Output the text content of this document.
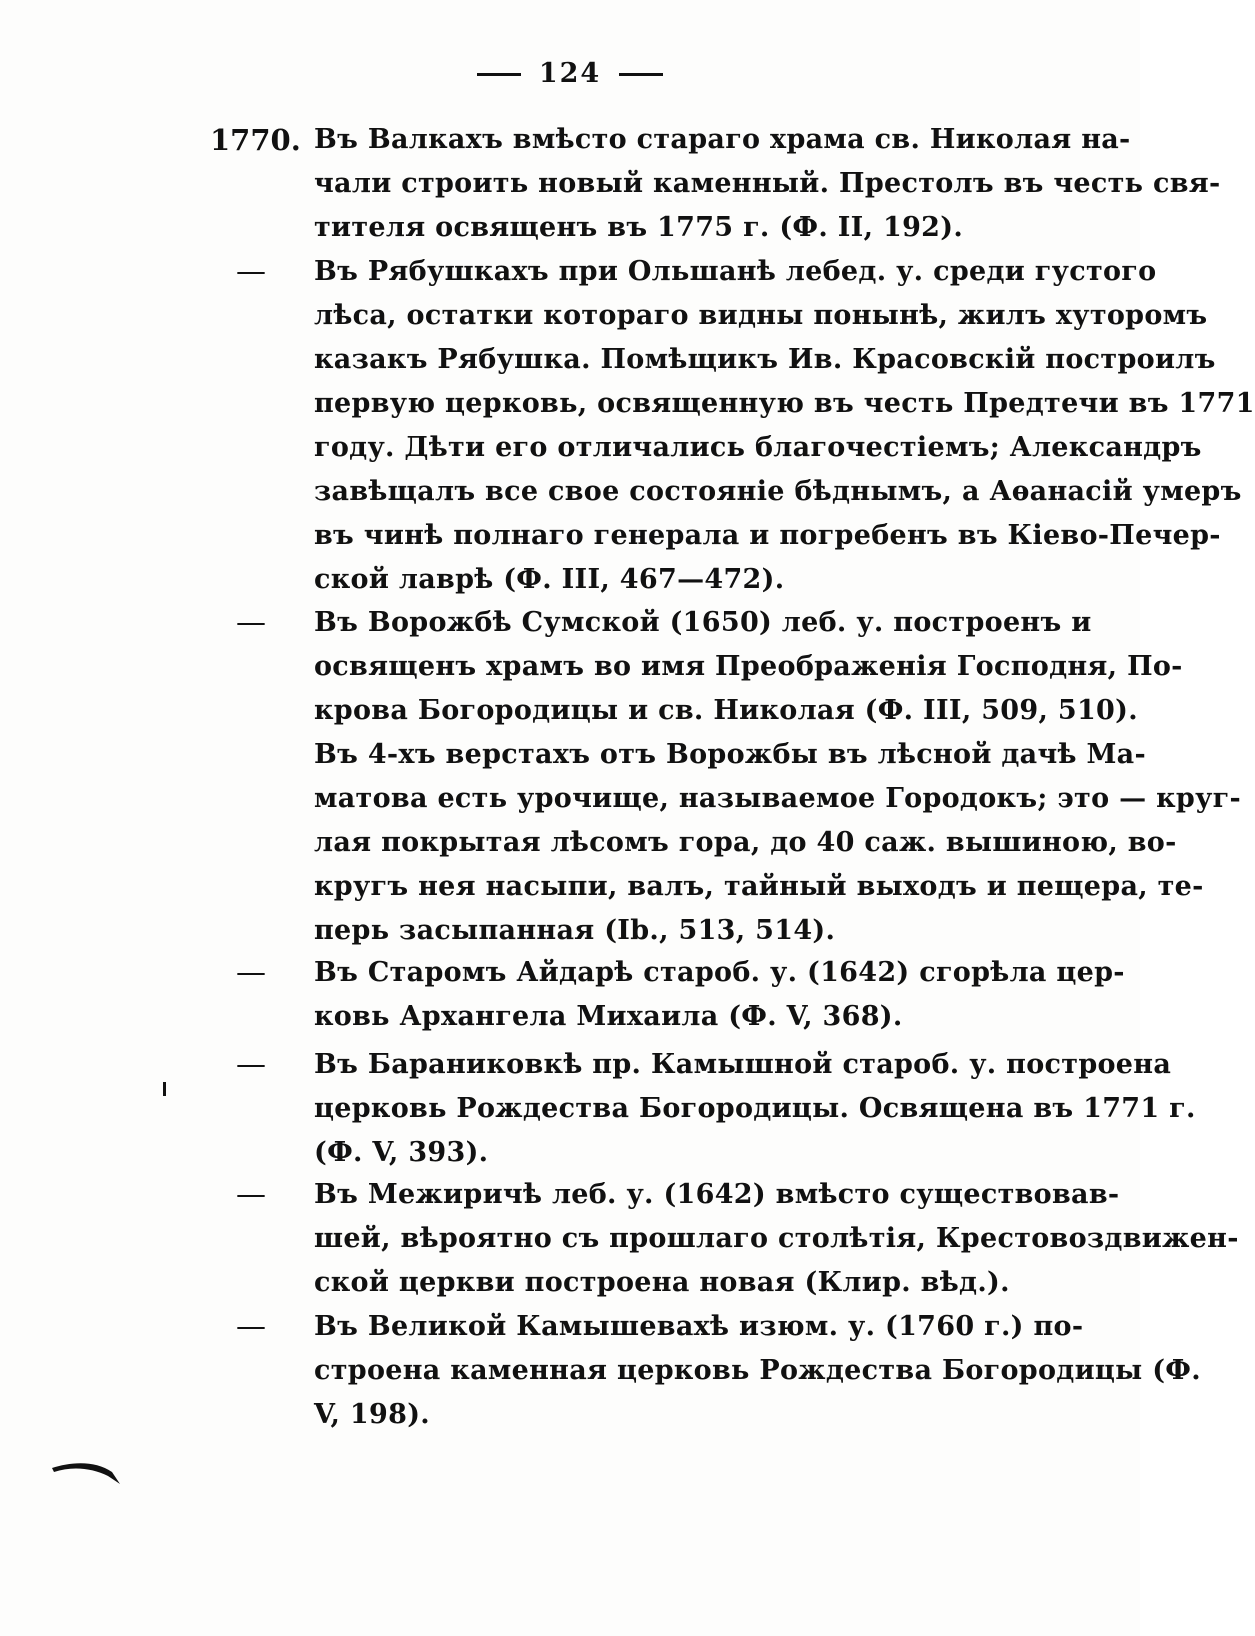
124
1770. Въ Валкахъ вмѣсто стараго храма св. Николая на-
чали строить новый каменный. Престолъ въ честь свя-
тителя освященъ въ 1775 г. (Ф. II, 192).
—	Въ Рябушкахъ при Ольшанѣ лебед. у. среди густого
лѣса, остатки котораго видны понынѣ, жилъ хуторомъ
казакъ Рябушка. Помѣщикъ Ив. Красовскій построилъ
первую церковь, освященную въ честь Предтечи въ 1771
году. Дѣти его отличались благочестіемъ; Александръ
завѣщалъ все свое состояніе бѣднымъ, а Аѳанасій умеръ
въ чинѣ полнаго генерала и погребенъ въ Кіево-Печер-
ской лаврѣ (Ф. III, 467—472).
—	Въ Ворожбѣ Сумской (1650) леб. у. построенъ и
освященъ храмъ во имя Преображенія Господня, По-
крова Богородицы и св. Николая (Ф. III, 509, 510).
Въ 4-хъ верстахъ отъ Ворожбы въ лѣсной дачѣ Ма-
матова есть урочище, называемое Городокъ; это — круг-
лая покрытая лѣсомъ гора, до 40 саж. вышиною, во-
кругъ нея насыпи, валъ, тайный выходъ и пещера, те-
перь засыпанная (Ib., 513, 514).
—	Въ Старомъ Айдарѣ староб. у. (1642) сгорѣла цер-
ковь Архангела Михаила (Ф. V, 368).
—	Въ Бараниковкѣ пр. Камышной староб. у. построена
церковь Рождества Богородицы. Освящена въ 1771 г.
(Ф. V, 393).
—	Въ Межиричѣ леб. у. (1642) вмѣсто существовав-
шей, вѣроятно съ прошлаго столѣтія, Крестовоздвижен-
ской церкви построена новая (Клир. вѣд.).
—	Въ Великой Камышевахѣ изюм. у. (1760 г.) по-
строена каменная церковь Рождества Богородицы (Ф.
V, 198).
